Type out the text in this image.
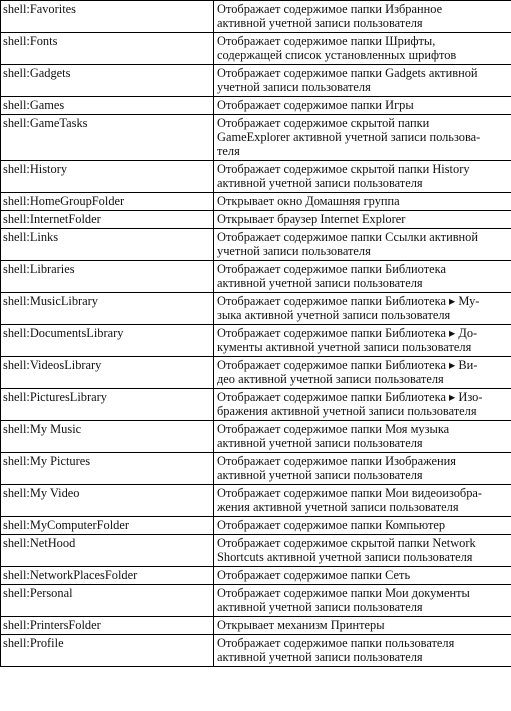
shell:Favorites	Отображает содержимое папки Избранное
активной учетной записи пользователя
shell:Fonts	Отображает содержимое папки Шрифты,
содержащей список установленных шрифтов
shell:Gadgets	Отображает содержимое папки Gadgets активной
учетной записи пользователя
shell:Games	Отображает содержимое папки Игры
shell:GameTasks	Отображает содержимое скрытой папки
GameExplorer активной учетной записи пользова-
теля
shell:History	Отображает содержимое скрытой папки History
активной учетной записи пользователя
shell:HomeGroupFolder	Открывает окно Домашняя группа
shell:InternetFolder	Открывает браузер Internet Explorer
shell:Links	Отображает содержимое папки Ссылки активной
учетной записи пользователя
shell:Libraries	Отображает содержимое папки Библиотека
активной учетной записи пользователя
shell:MusicLibrary	Отображает содержимое папки Библиотека ▸ Му-
зыка активной учетной записи пользователя
shell:DocumentsLibrary	Отображает содержимое папки Библиотека ▸ До-
кументы активной учетной записи пользователя
shell:VideosLibrary	Отображает содержимое папки Библиотека ▸ Ви-
део активной учетной записи пользователя
shell:PicturesLibrary	Отображает содержимое папки Библиотека ▸ Изо-
бражения активной учетной записи пользователя
shell:My Music	Отображает содержимое папки Моя музыка
активной учетной записи пользователя
shell:My Pictures	Отображает содержимое папки Изображения
активной учетной записи пользователя
shell:My Video	Отображает содержимое папки Мои видеоизобра-
жения активной учетной записи пользователя
shell:MyComputerFolder	Отображает содержимое папки Компьютер
shell:NetHood	Отображает содержимое скрытой папки Network
Shortcuts активной учетной записи пользователя
shell:NetworkPlacesFolder	Отображает содержимое папки Сеть
shell:Personal	Отображает содержимое папки Мои документы
активной учетной записи пользователя
shell:PrintersFolder	Открывает механизм Принтеры
shell:Profile	Отображает содержимое папки пользователя
активной учетной записи пользователя
